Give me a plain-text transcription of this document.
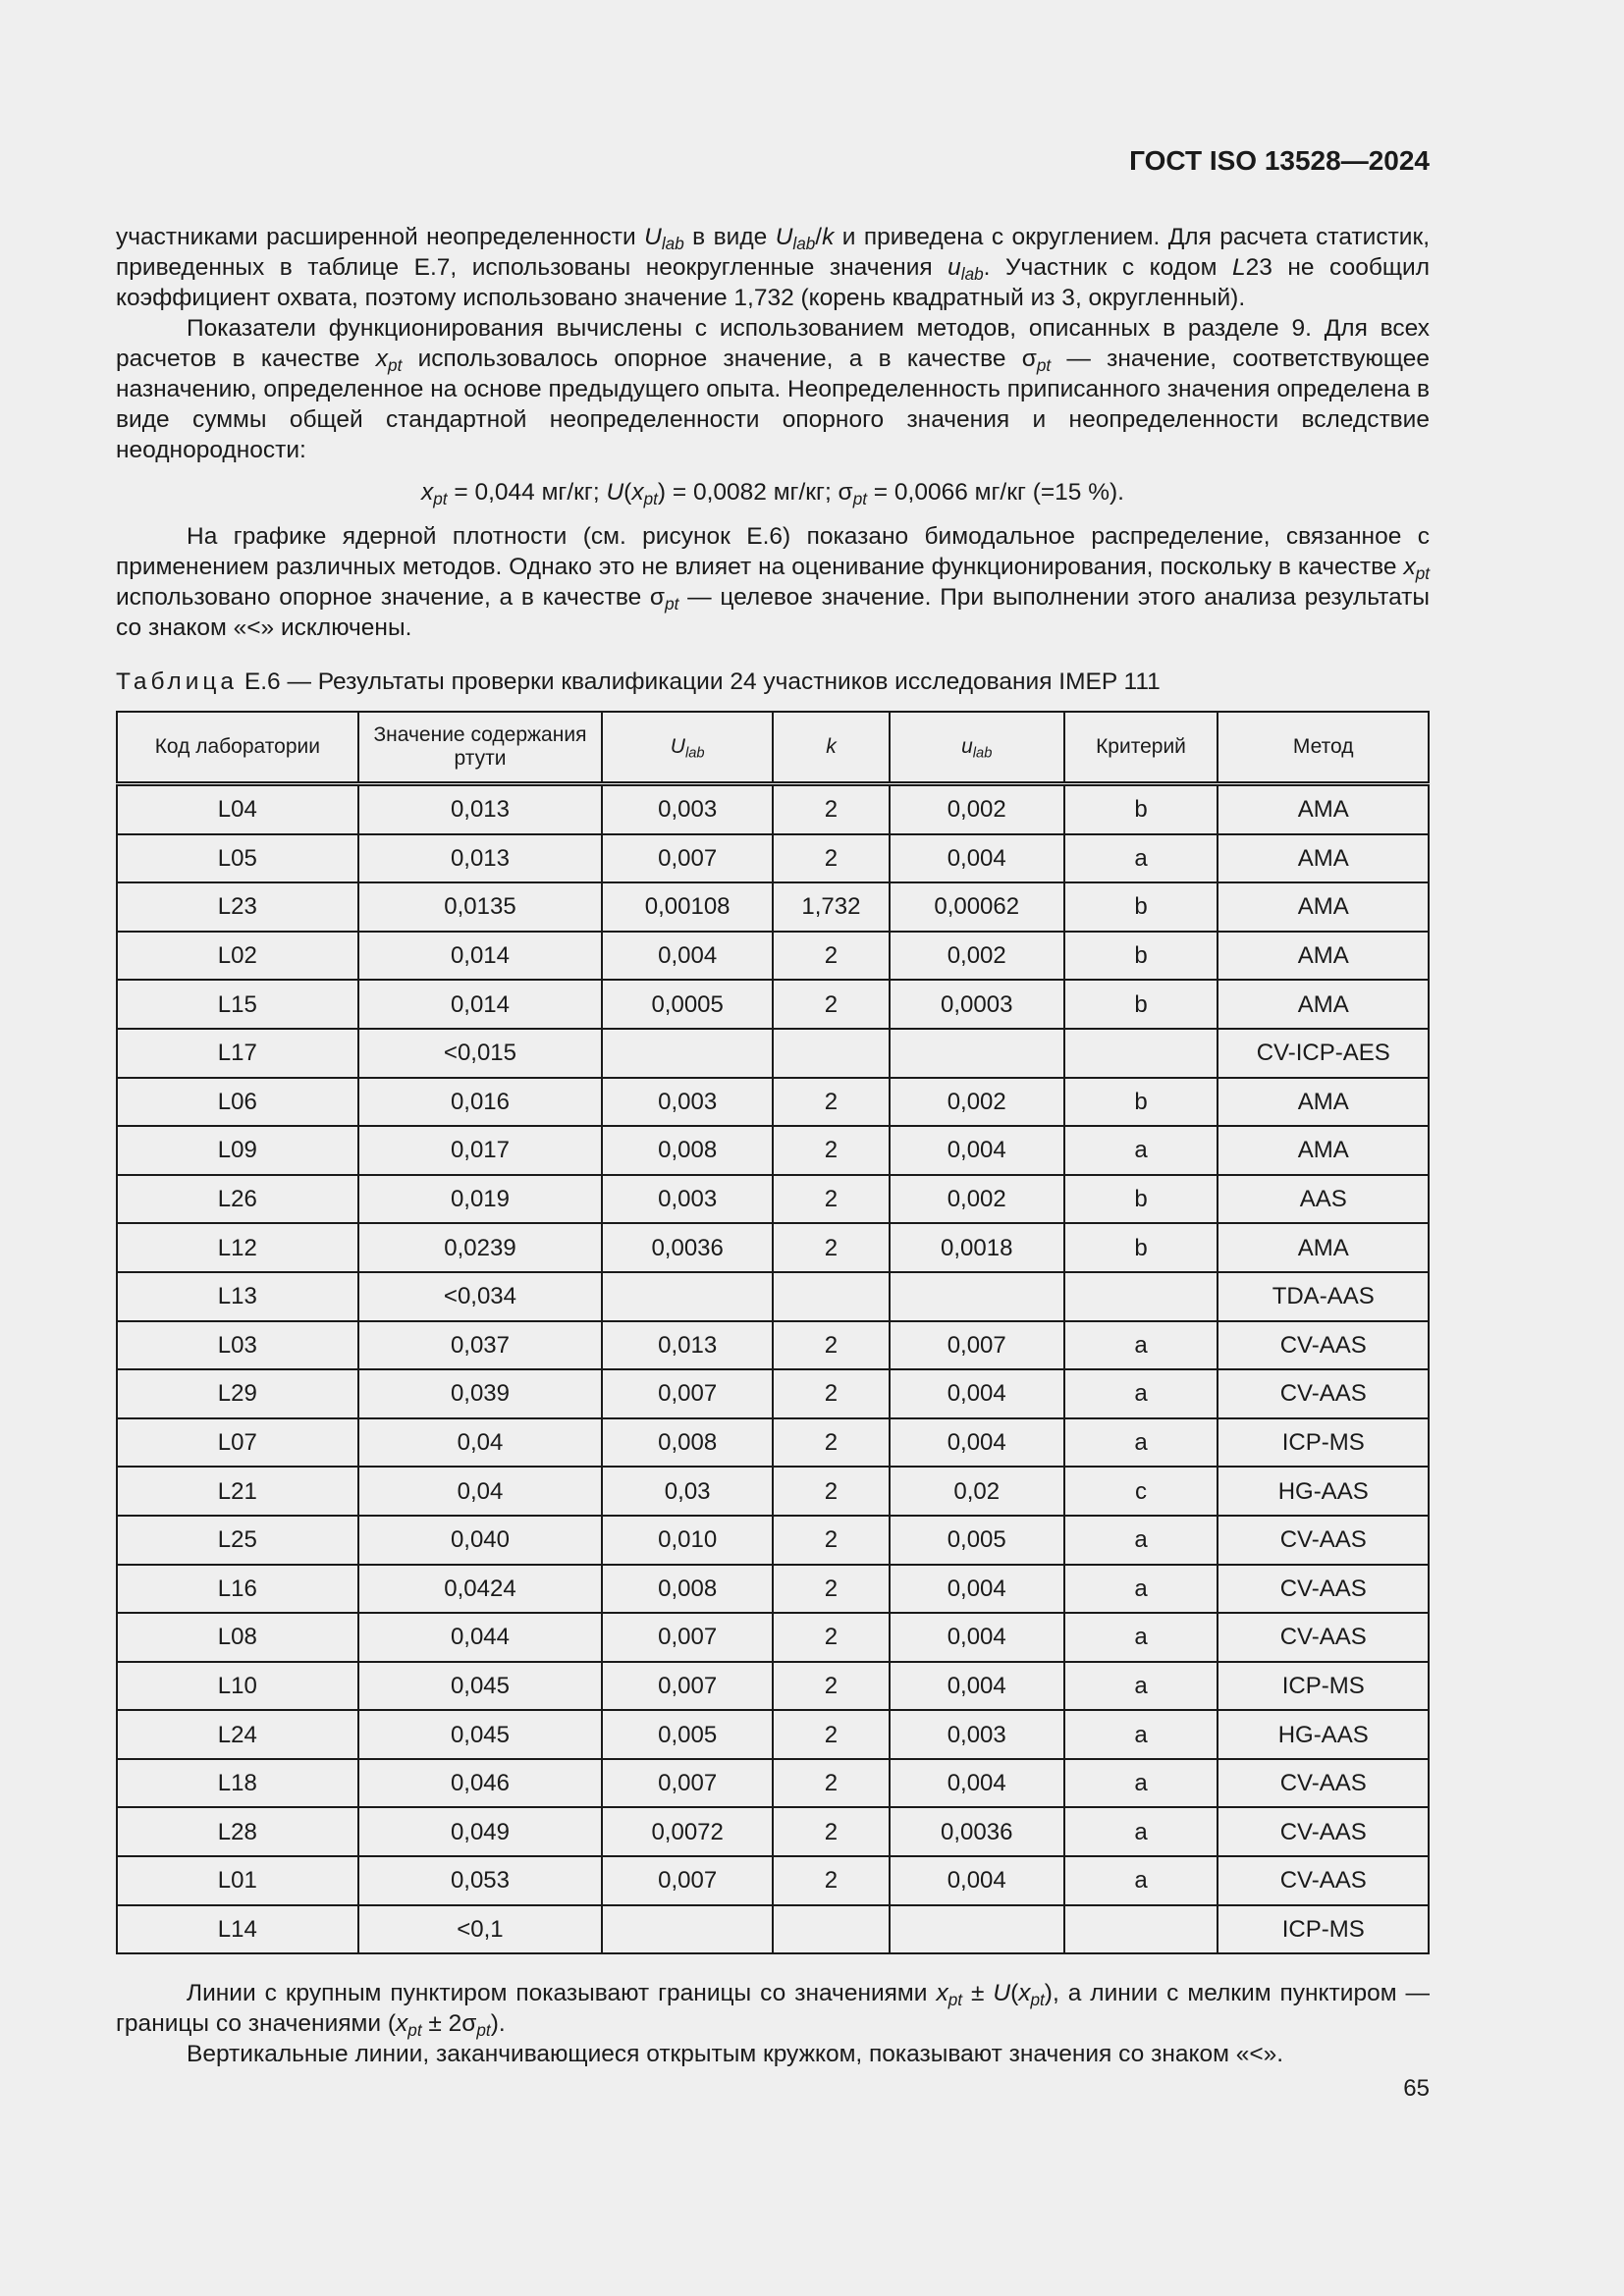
ГОСТ ISO 13528—2024

участниками расширенной неопределенности $U_{lab}$ в виде $U_{lab}/k$ и приведена с округлением. Для расчета статистик, приведенных в таблице Е.7, использованы неокругленные значения $u_{lab}$. Участник с кодом L23 не сообщил коэффициент охвата, поэтому использовано значение 1,732 (корень квадратный из 3, округленный).

Показатели функционирования вычислены с использованием методов, описанных в разделе 9. Для всех расчетов в качестве $x_{pt}$ использовалось опорное значение, а в качестве $\sigma_{pt}$ — значение, соответствующее назначению, определенное на основе предыдущего опыта. Неопределенность приписанного значения определена в виде суммы общей стандартной неопределенности опорного значения и неопределенности вследствие неоднородности:

$x_{pt} = 0,044$ мг/кг; $U(x_{pt}) = 0,0082$ мг/кг; $\sigma_{pt} = 0,0066$ мг/кг (=15 %).

На графике ядерной плотности (см. рисунок Е.6) показано бимодальное распределение, связанное с применением различных методов. Однако это не влияет на оценивание функционирования, поскольку в качестве $x_{pt}$ использовано опорное значение, а в качестве $\sigma_{pt}$ — целевое значение. При выполнении этого анализа результаты со знаком «<» исключены.

Таблица Е.6 — Результаты проверки квалификации 24 участников исследования IMEP 111
Код лаборатории	Значение содержания ртути	$U_{lab}$	k	$u_{lab}$	Критерий	Метод
L04	0,013	0,003	2	0,002	b	AMA
L05	0,013	0,007	2	0,004	a	AMA
L23	0,0135	0,00108	1,732	0,00062	b	AMA
L02	0,014	0,004	2	0,002	b	AMA
L15	0,014	0,0005	2	0,0003	b	AMA
L17	<0,015					CV-ICP-AES
L06	0,016	0,003	2	0,002	b	AMA
L09	0,017	0,008	2	0,004	a	AMA
L26	0,019	0,003	2	0,002	b	AAS
L12	0,0239	0,0036	2	0,0018	b	AMA
L13	<0,034					TDA-AAS
L03	0,037	0,013	2	0,007	a	CV-AAS
L29	0,039	0,007	2	0,004	a	CV-AAS
L07	0,04	0,008	2	0,004	a	ICP-MS
L21	0,04	0,03	2	0,02	c	HG-AAS
L25	0,040	0,010	2	0,005	a	CV-AAS
L16	0,0424	0,008	2	0,004	a	CV-AAS
L08	0,044	0,007	2	0,004	a	CV-AAS
L10	0,045	0,007	2	0,004	a	ICP-MS
L24	0,045	0,005	2	0,003	a	HG-AAS
L18	0,046	0,007	2	0,004	a	CV-AAS
L28	0,049	0,0072	2	0,0036	a	CV-AAS
L01	0,053	0,007	2	0,004	a	CV-AAS
L14	<0,1					ICP-MS

Линии с крупным пунктиром показывают границы со значениями $x_{pt} \pm U(x_{pt})$, а линии с мелким пунктиром — границы со значениями $(x_{pt} \pm 2\sigma_{pt})$.

Вертикальные линии, заканчивающиеся открытым кружком, показывают значения со знаком «<».

65
